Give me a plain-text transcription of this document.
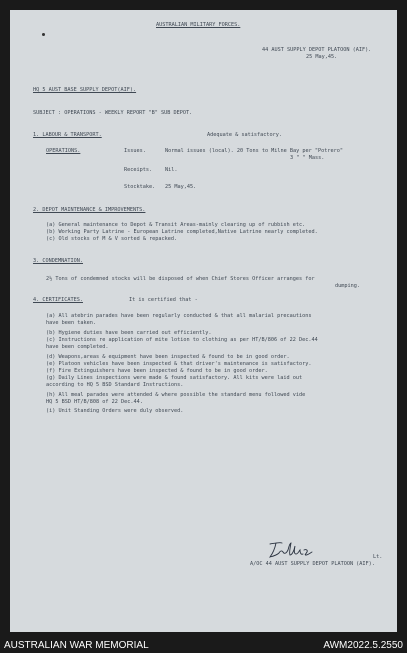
AUSTRALIAN MILITARY FORCES.
44 AUST SUPPLY DEPOT PLATOON (AIF).
25 May,45.
HQ 5 AUST BASE SUPPLY DEPOT(AIF).
SUBJECT : OPERATIONS - WEEKLY REPORT "B" SUB DEPOT.
1. LABOUR & TRANSPORT.	Adequate & satisfactory.
OPERATIONS.	Issues.	Normal issues (local). 20 Tons to Milne Bay per "Potrero"
3 " " Mass.
Receipts. Nil.
Stocktake. 25 May,45.
2. DEPOT MAINTENANCE & IMPROVEMENTS.
(a) General maintenance to Depot & Transit Areas-mainly clearing up of rubbish etc.
(b) Working Party Latrine - European Latrine completed,Native Latrine nearly completed.
(c) Old stocks of M & V sorted & repacked.
3. CONDEMNATION.
2½ Tons of condemned stocks will be disposed of when Chief Stores Officer arranges for
dumping.
4. CERTIFICATES.	It is certified that -
(a) All atebrin parades have been regularly conducted & that all malarial precautions
have been taken.
(b) Hygiene duties have been carried out efficiently.
(c) Instructions re application of mite lotion to clothing as per HT/B/806 of 22 Dec.44
have been completed.
(d) Weapons,areas & equipment have been inspected & found to be in good order.
(e) Platoon vehicles have been inspected & that driver's maintenance is satisfactory.
(f) Fire Extinguishers have been inspected & found to be in good order.
(g) Daily Lines inspections were made & found satisfactory. All kits were laid out
according to HQ 5 BSD Standard Instructions.
(h) All meal parades were attended & where possible the standard menu followed vide
HQ 5 BSD HT/B/808 of 22 Dec.44.
(i) Unit Standing Orders were duly observed.
Lt.
A/OC 44 AUST SUPPLY DEPOT PLATOON (AIF).
AUSTRALIAN WAR MEMORIAL	AWM2022.5.2550
